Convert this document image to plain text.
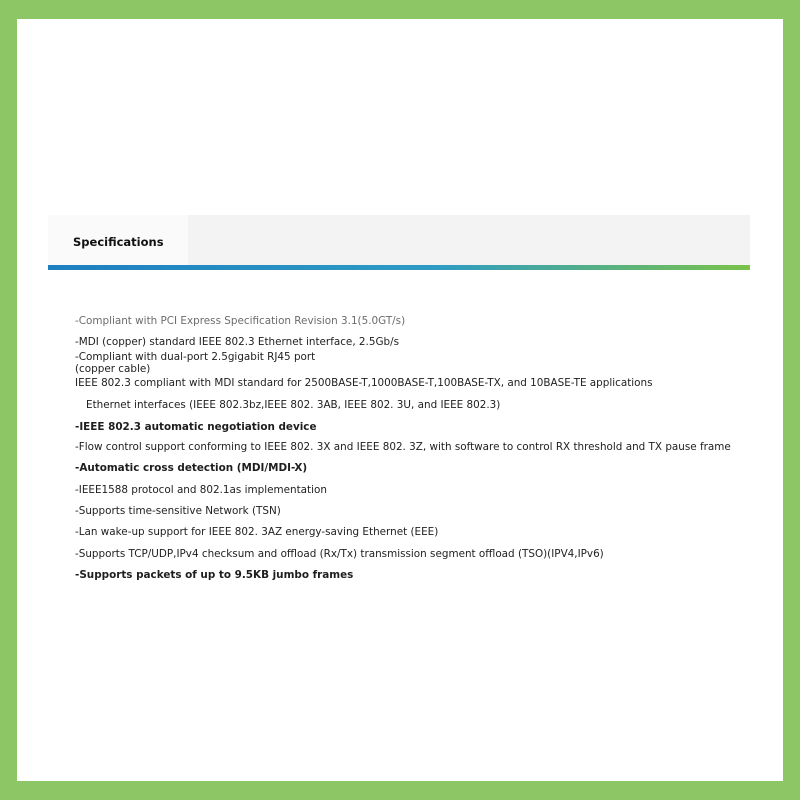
Specifications
-Compliant with PCI Express Specification Revision 3.1(5.0GT/s)
-MDI (copper) standard IEEE 802.3 Ethernet interface, 2.5Gb/s
-Compliant with dual-port 2.5gigabit RJ45 port
(copper cable)
IEEE 802.3 compliant with MDI standard for 2500BASE-T,1000BASE-T,100BASE-TX, and 10BASE-TE applications
Ethernet interfaces (IEEE 802.3bz,IEEE 802. 3AB, IEEE 802. 3U, and IEEE 802.3)
-IEEE 802.3 automatic negotiation device
-Flow control support conforming to IEEE 802. 3X and IEEE 802. 3Z, with software to control RX threshold and TX pause frame
-Automatic cross detection (MDI/MDI-X)
-IEEE1588 protocol and 802.1as implementation
-Supports time-sensitive Network (TSN)
-Lan wake-up support for IEEE 802. 3AZ energy-saving Ethernet (EEE)
-Supports TCP/UDP,IPv4 checksum and offload (Rx/Tx) transmission segment offload (TSO)(IPV4,IPv6)
-Supports packets of up to 9.5KB jumbo frames
